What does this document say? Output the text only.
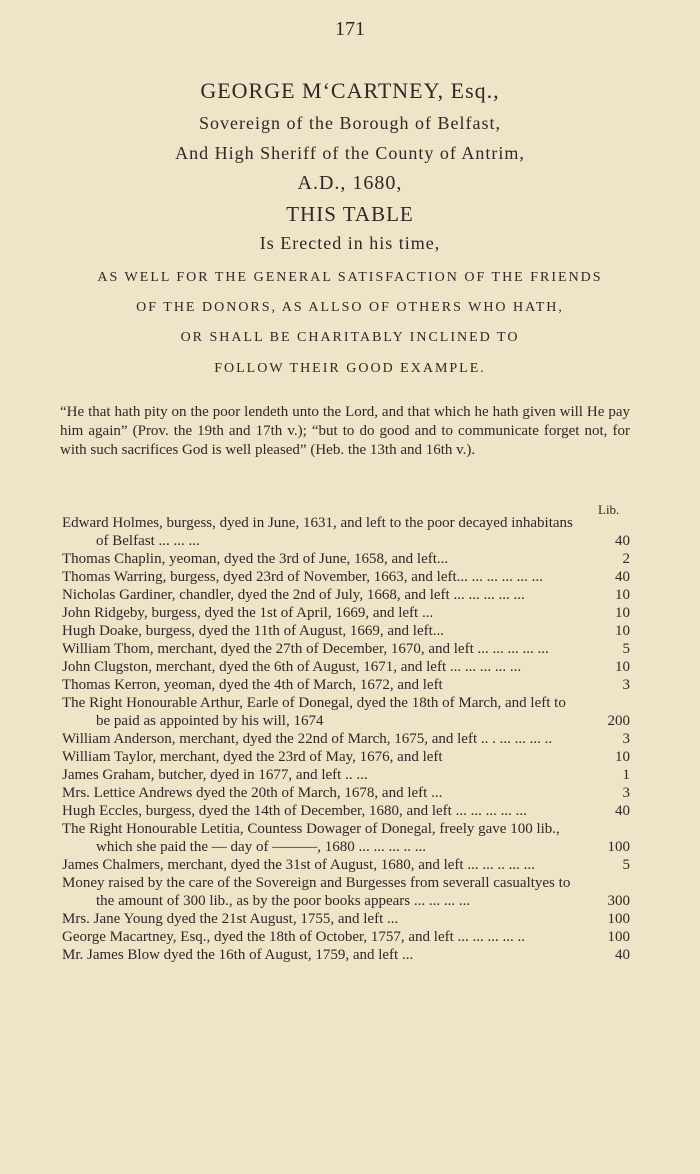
171
GEORGE M‘CARTNEY, Esq.,
Sovereign of the Borough of Belfast,
And High Sheriff of the County of Antrim,
A.D., 1680,
THIS TABLE
Is Erected in his time,
AS WELL FOR THE GENERAL SATISFACTION OF THE FRIENDS
OF THE DONORS, AS ALLSO OF OTHERS WHO HATH,
OR SHALL BE CHARITABLY INCLINED TO
FOLLOW THEIR GOOD EXAMPLE.
“He that hath pity on the poor lendeth unto the Lord, and that which he hath given will He pay him again” (Prov. the 19th and 17th v.); “but to do good and to communicate forget not, for with such sacrifices God is well pleased” (Heb. the 13th and 16th v.).
Lib.
Edward Holmes, burgess, dyed in June, 1631, and left to the poor decayed inhabitans of Belfast ... ... ...	40
Thomas Chaplin, yeoman, dyed the 3rd of June, 1658, and left...	2
Thomas Warring, burgess, dyed 23rd of November, 1663, and left... ... ... ... ... ...	40
Nicholas Gardiner, chandler, dyed the 2nd of July, 1668, and left ... ... ... ... ...	10
John Ridgeby, burgess, dyed the 1st of April, 1669, and left ...	10
Hugh Doake, burgess, dyed the 11th of August, 1669, and left...	10
William Thom, merchant, dyed the 27th of December, 1670, and left ... ... ... ... ...	5
John Clugston, merchant, dyed the 6th of August, 1671, and left ... ... ... ... ...	10
Thomas Kerron, yeoman, dyed the 4th of March, 1672, and left	3
The Right Honourable Arthur, Earle of Donegal, dyed the 18th of March, and left to be paid as appointed by his will, 1674	200
William Anderson, merchant, dyed the 22nd of March, 1675, and left .. . ... ... ... ..	3
William Taylor, merchant, dyed the 23rd of May, 1676, and left	10
James Graham, butcher, dyed in 1677, and left .. ...	1
Mrs. Lettice Andrews dyed the 20th of March, 1678, and left ...	3
Hugh Eccles, burgess, dyed the 14th of December, 1680, and left ... ... ... ... ...	40
The Right Honourable Letitia, Countess Dowager of Donegal, freely gave 100 lib., which she paid the — day of ———, 1680 ... ... ... .. ...	100
James Chalmers, merchant, dyed the 31st of August, 1680, and left ... ... .. ... ...	5
Money raised by the care of the Sovereign and Burgesses from severall casualtyes to the amount of 300 lib., as by the poor books appears ... ... ... ...	300
Mrs. Jane Young dyed the 21st August, 1755, and left ...	100
George Macartney, Esq., dyed the 18th of October, 1757, and left ... ... ... ... ..	100
Mr. James Blow dyed the 16th of August, 1759, and left ...	40
